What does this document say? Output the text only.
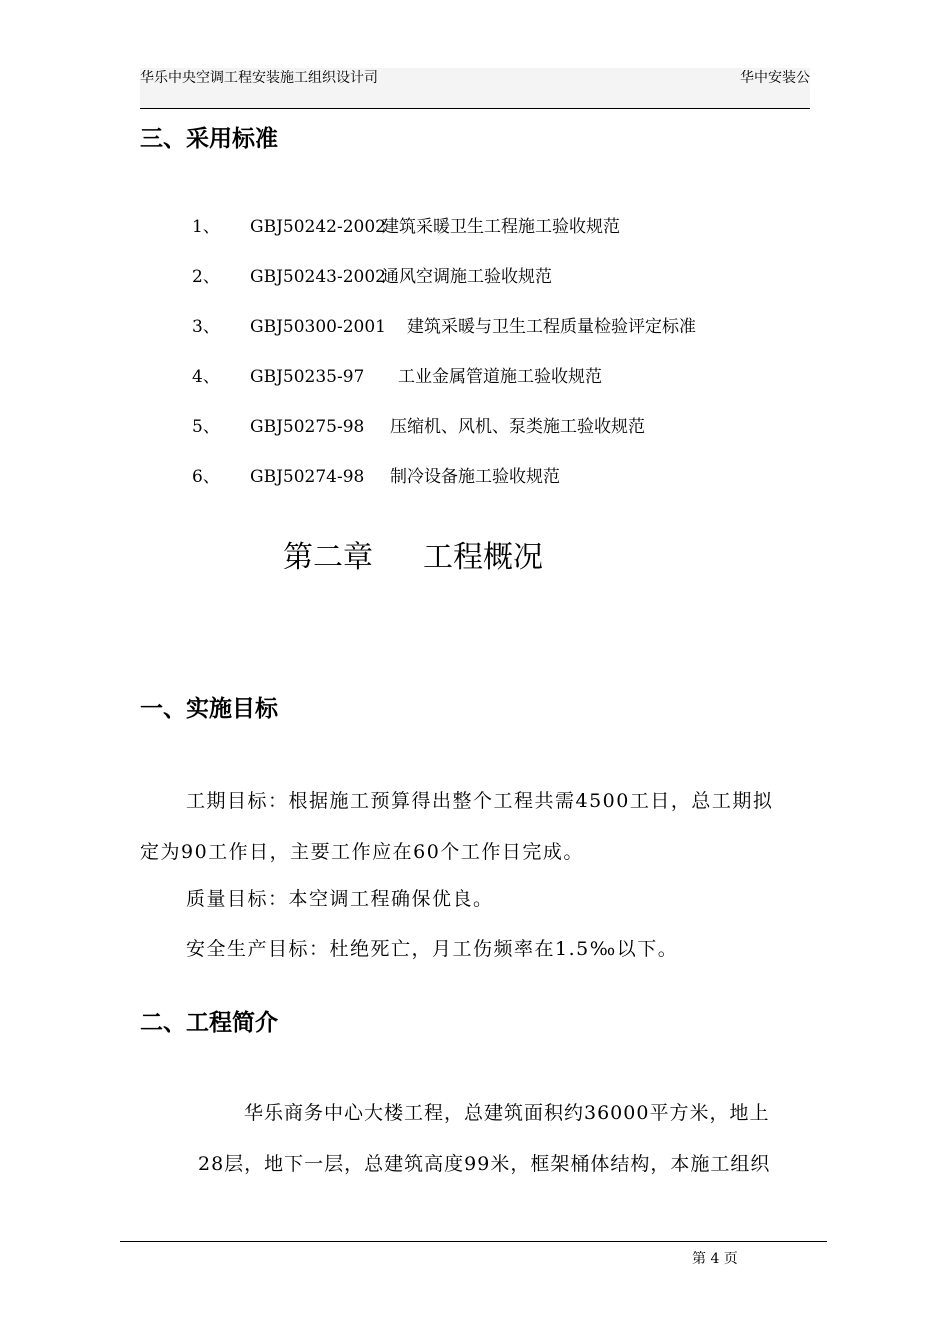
华乐中央空调工程安装施工组织设计司	华中安装公
三、采用标准
1、 GBJ50242-2002
建筑采暖卫生工程施工验收规范
2、 GBJ50243-2002
通风空调施工验收规范
3、 GBJ50300-2001 建筑采暖与卫生工程质量检验评定标准
4、 GBJ50235-97 工业金属管道施工验收规范
5、 GBJ50275-98 压缩机、风机、泵类施工验收规范
6、 GBJ50274-98 制冷设备施工验收规范
第二章 工程概况
一、实施目标
工期目标：根据施工预算得出整个工程共需4500工日，总工期拟
定为90工作日，主要工作应在60个工作日完成。
质量目标：本空调工程确保优良。
安全生产目标：杜绝死亡，月工伤频率在1.5‰以下。
二、工程简介
华乐商务中心大楼工程，总建筑面积约36000平方米，地上
28层，地下一层，总建筑高度99米，框架桶体结构，本施工组织
第 4 页
